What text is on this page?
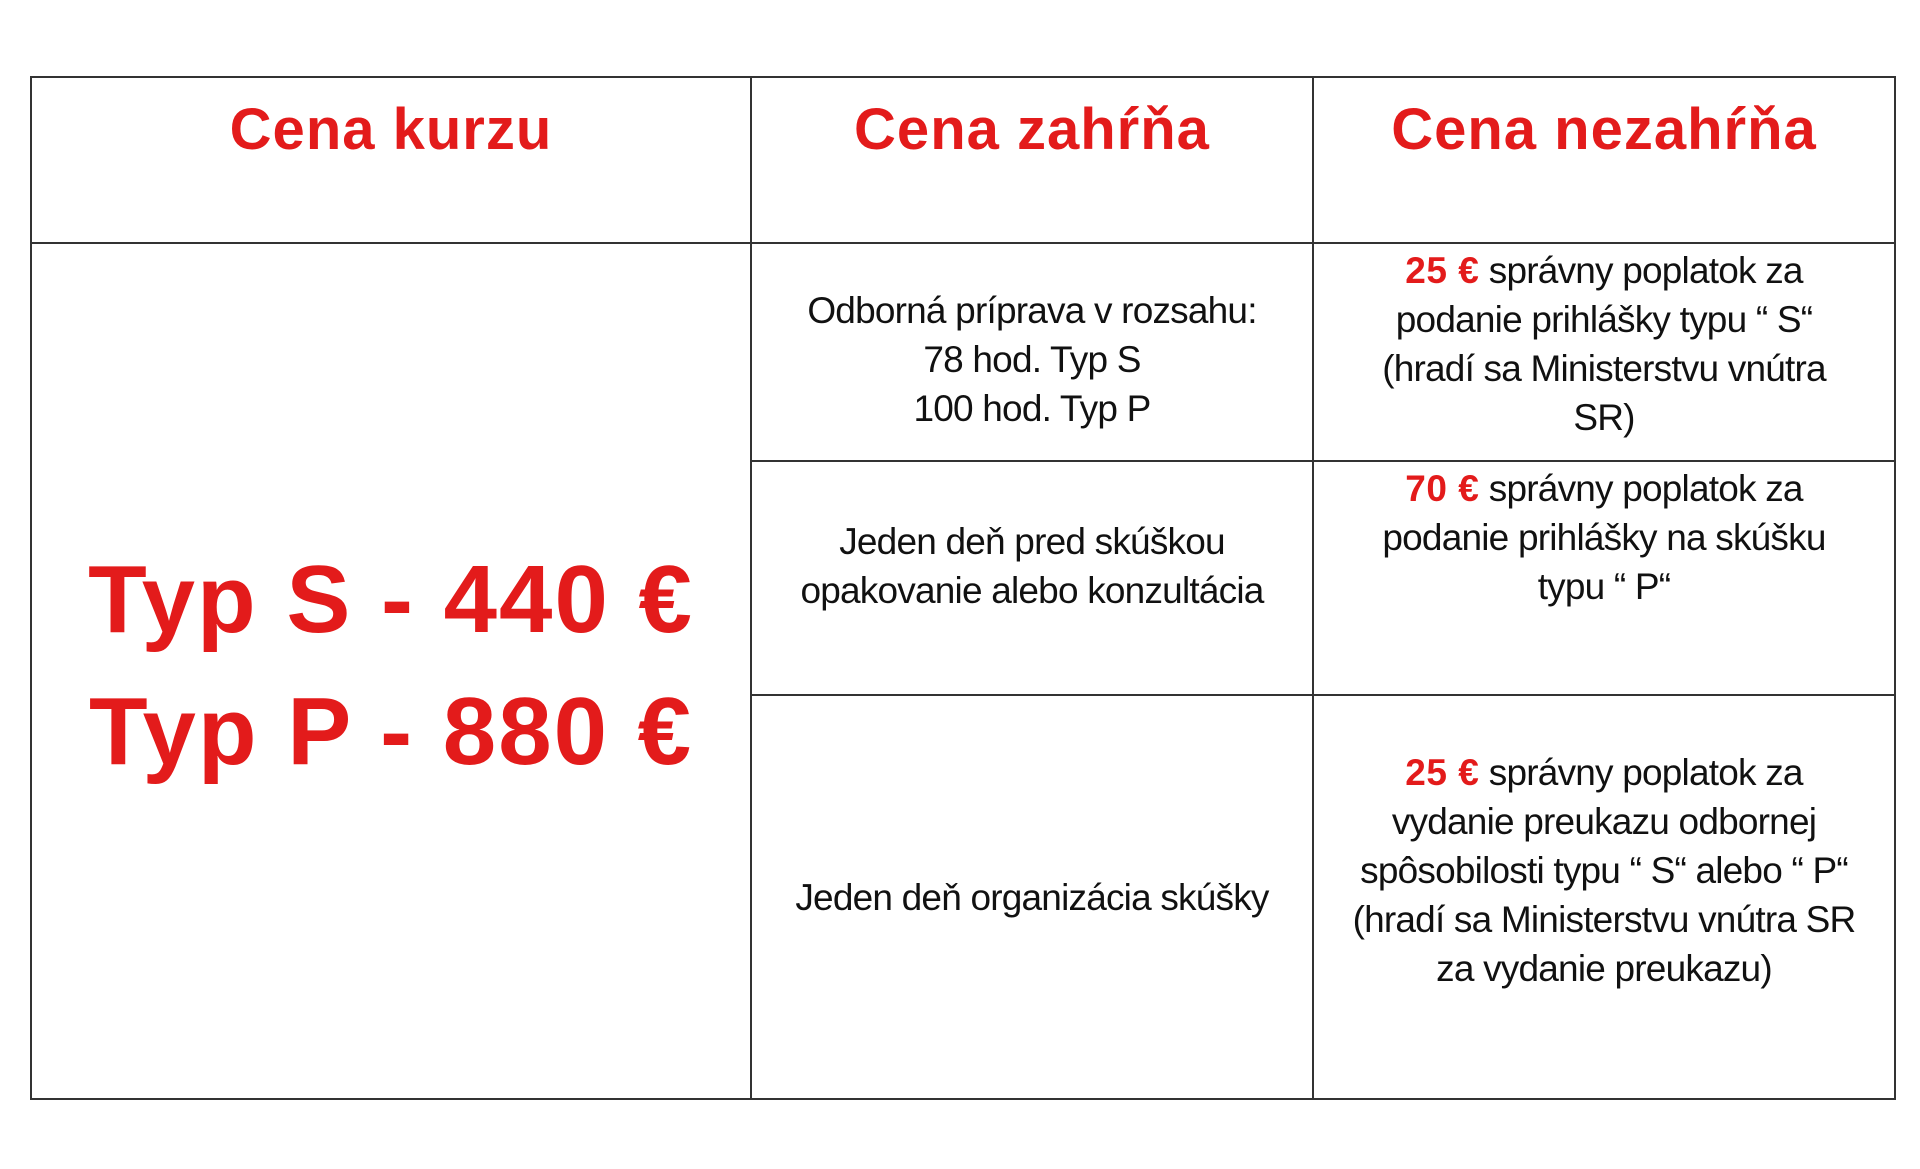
Cena kurzu	Cena zahŕňa	Cena nezahŕňa
Typ S - 440 €
Typ P - 880 €
Odborná príprava v rozsahu:
78 hod. Typ S
100 hod. Typ P
Jeden deň pred skúškou
opakovanie alebo konzultácia
Jeden deň organizácia skúšky
25 € správny poplatok za
podanie prihlášky typu “ S“
(hradí sa Ministerstvu vnútra
SR)
70 € správny poplatok za
podanie prihlášky na skúšku
typu “ P“
25 € správny poplatok za
vydanie preukazu odbornej
spôsobilosti typu “ S“ alebo “ P“
(hradí sa Ministerstvu vnútra SR
za vydanie preukazu)
